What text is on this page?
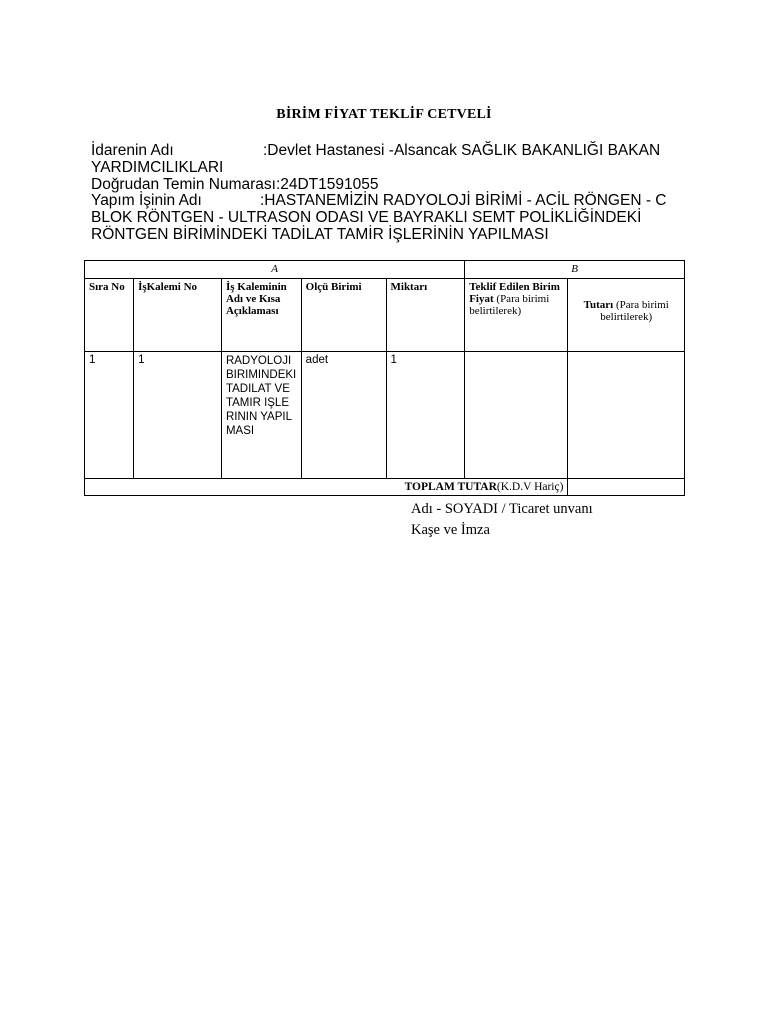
BİRİM FİYAT TEKLİF CETVELİ
İdarenin Adı	:Devlet Hastanesi -Alsancak SAĞLIK BAKANLIĞI BAKAN
YARDIMCILIKLARI
Doğrudan Temin Numarası:24DT1591055
Yapım İşinin Adı	:HASTANEMİZİN RADYOLOJİ BİRİMİ - ACİL RÖNGEN - C
BLOK RÖNTGEN - ULTRASON ODASI VE BAYRAKLI SEMT POLİKLİĞİNDEKİ
RÖNTGEN BİRİMİNDEKİ TADİLAT TAMİR İŞLERİNİN YAPILMASI
A					B	
Sıra No	İşKalemi No	İş Kaleminin Adı ve Kısa Açıklaması	Olçü Birimi	Miktarı	Teklif Edilen Birim Fiyat (Para birimi belirtilerek)	Tutarı (Para birimi belirtilerek)
1	1	RADYOLOJI BIRIMINDEKI TADILAT VE TAMIR IŞLERININ YAPILMASI	adet	1		
TOPLAM TUTAR(K.D.V Hariç)						
Adı - SOYADI / Ticaret unvanı
Kaşe ve İmza
